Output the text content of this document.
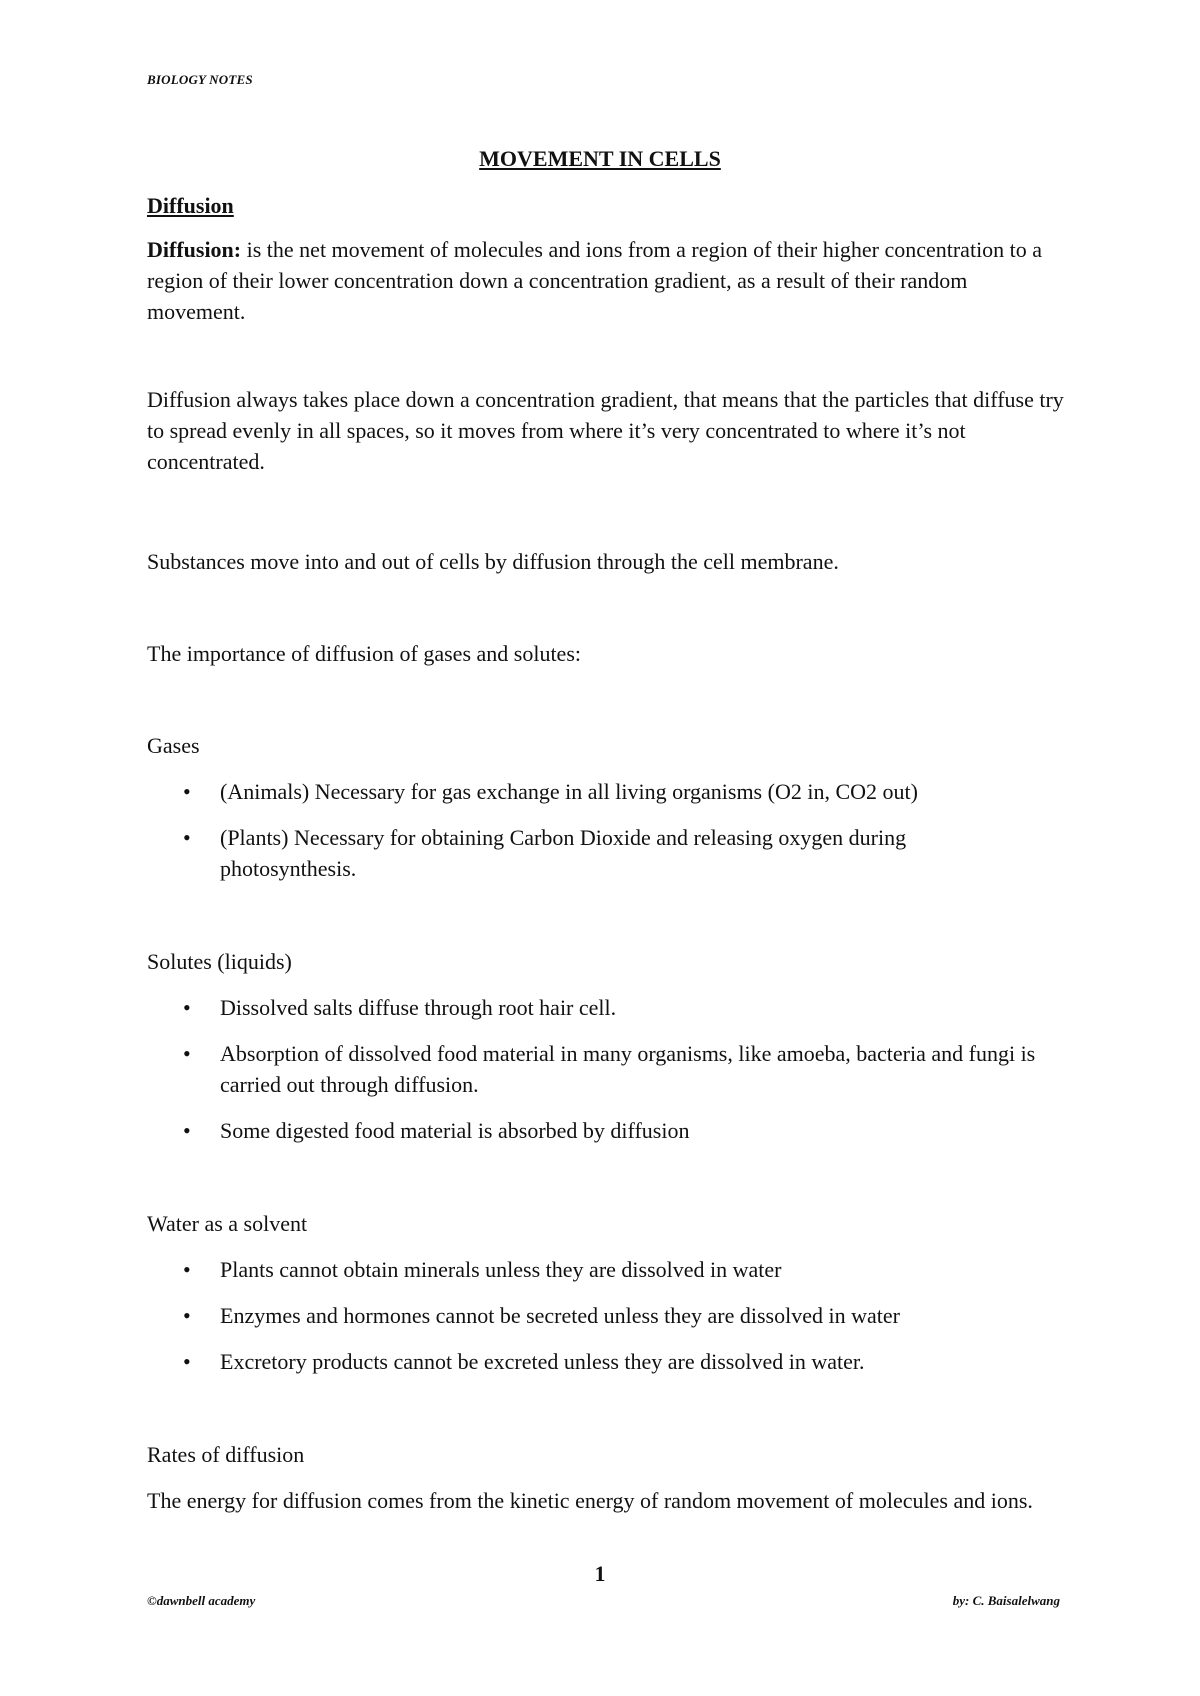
BIOLOGY NOTES
MOVEMENT IN CELLS
Diffusion

Diffusion: is the net movement of molecules and ions from a region of their higher concentration to a region of their lower concentration down a concentration gradient, as a result of their random movement.

Diffusion always takes place down a concentration gradient, that means that the particles that diffuse try to spread evenly in all spaces, so it moves from where it’s very concentrated to where it’s not concentrated.

Substances move into and out of cells by diffusion through the cell membrane.

The importance of diffusion of gases and solutes:

Gases
• (Animals) Necessary for gas exchange in all living organisms (O2 in, CO2 out)
• (Plants) Necessary for obtaining Carbon Dioxide and releasing oxygen during photosynthesis.
Solutes (liquids)
• Dissolved salts diffuse through root hair cell.
• Absorption of dissolved food material in many organisms, like amoeba, bacteria and fungi is carried out through diffusion.
• Some digested food material is absorbed by diffusion
Water as a solvent
• Plants cannot obtain minerals unless they are dissolved in water
• Enzymes and hormones cannot be secreted unless they are dissolved in water
• Excretory products cannot be excreted unless they are dissolved in water.
Rates of diffusion

The energy for diffusion comes from the kinetic energy of random movement of molecules and ions.

1
©dawnbell academy	by: C. Baisalelwang
